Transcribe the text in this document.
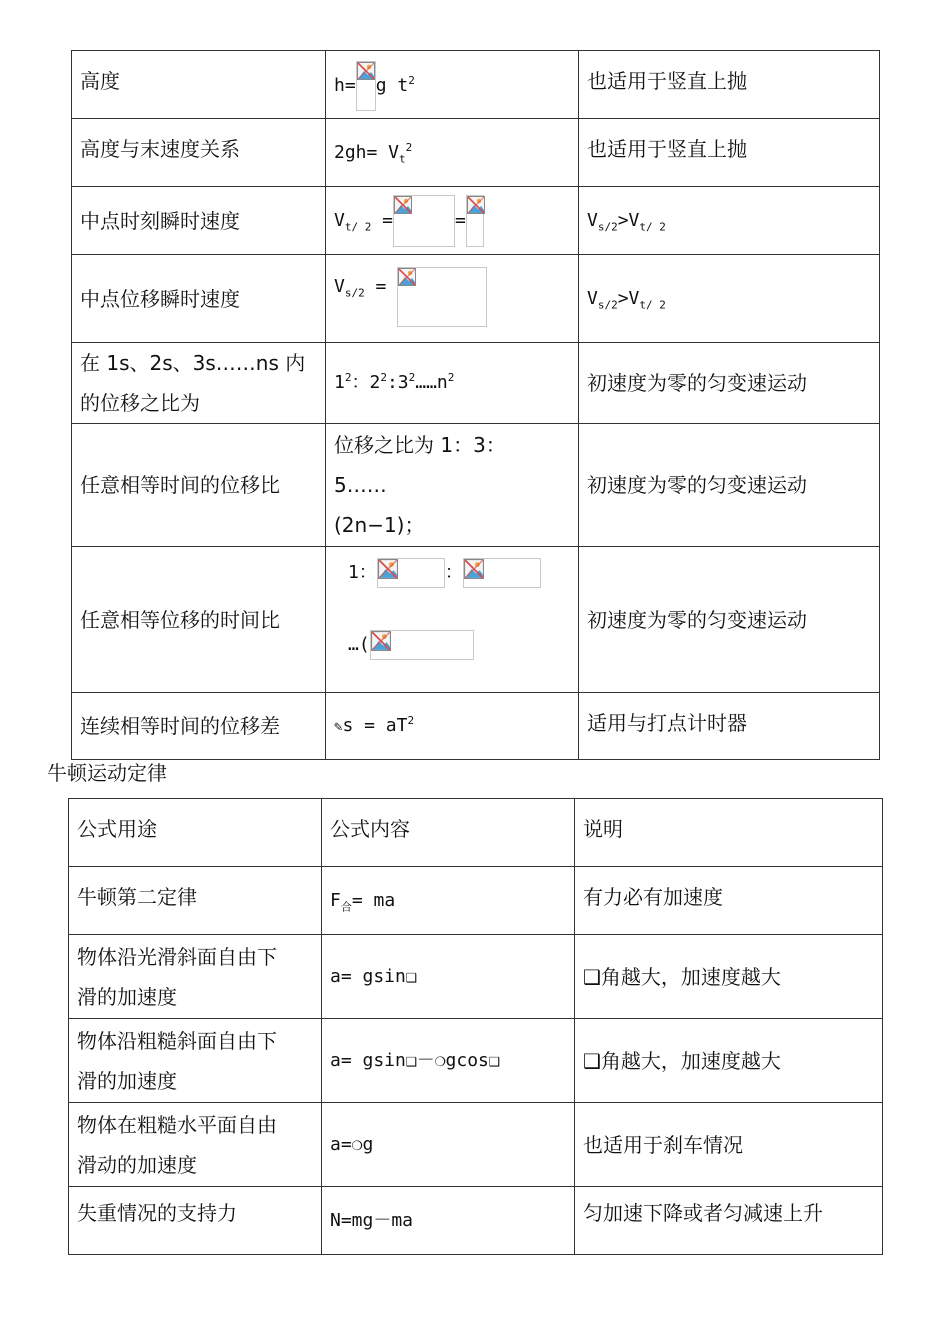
高度	h= g $t^2$	也适用于竖直上抛
高度与末速度关系	$2gh= V_t^2$	也适用于竖直上抛
中点时刻瞬时速度	$V_{t/ 2}$ = =	$V_{s/2}>V_{t/ 2}$
中点位移瞬时速度	$V_{s/2}$ =	$V_{s/2}>V_{t/ 2}$

在 1s、2s、3s……ns 内
的位移之比为	$1^2$：$2^2:3^2\dots\dots n^2$	初速度为零的匀变速运动
任意相等时间的位移比	位移之比为 1：3：
5……
(2n−1)；	初速度为零的匀变速运动
任意相等位移的时间比	1： ：
…(	初速度为零的匀变速运动
连续相等时间的位移差	✎s = $aT^2$	适用与打点计时器
牛顿运动定律
公式用途	公式内容	说明
牛顿第二定律	$F_合=$ ma	有力必有加速度

物体沿光滑斜面自由下
滑的加速度	a= gsin❑	❑角越大，加速度越大

物体沿粗糙斜面自由下
滑的加速度	a= gsin❑－❍gcos❑	❑角越大，加速度越大

物体在粗糙水平面自由
滑动的加速度	a=❍g	也适用于刹车情况
失重情况的支持力	N=mg－ma	匀加速下降或者匀减速上升
